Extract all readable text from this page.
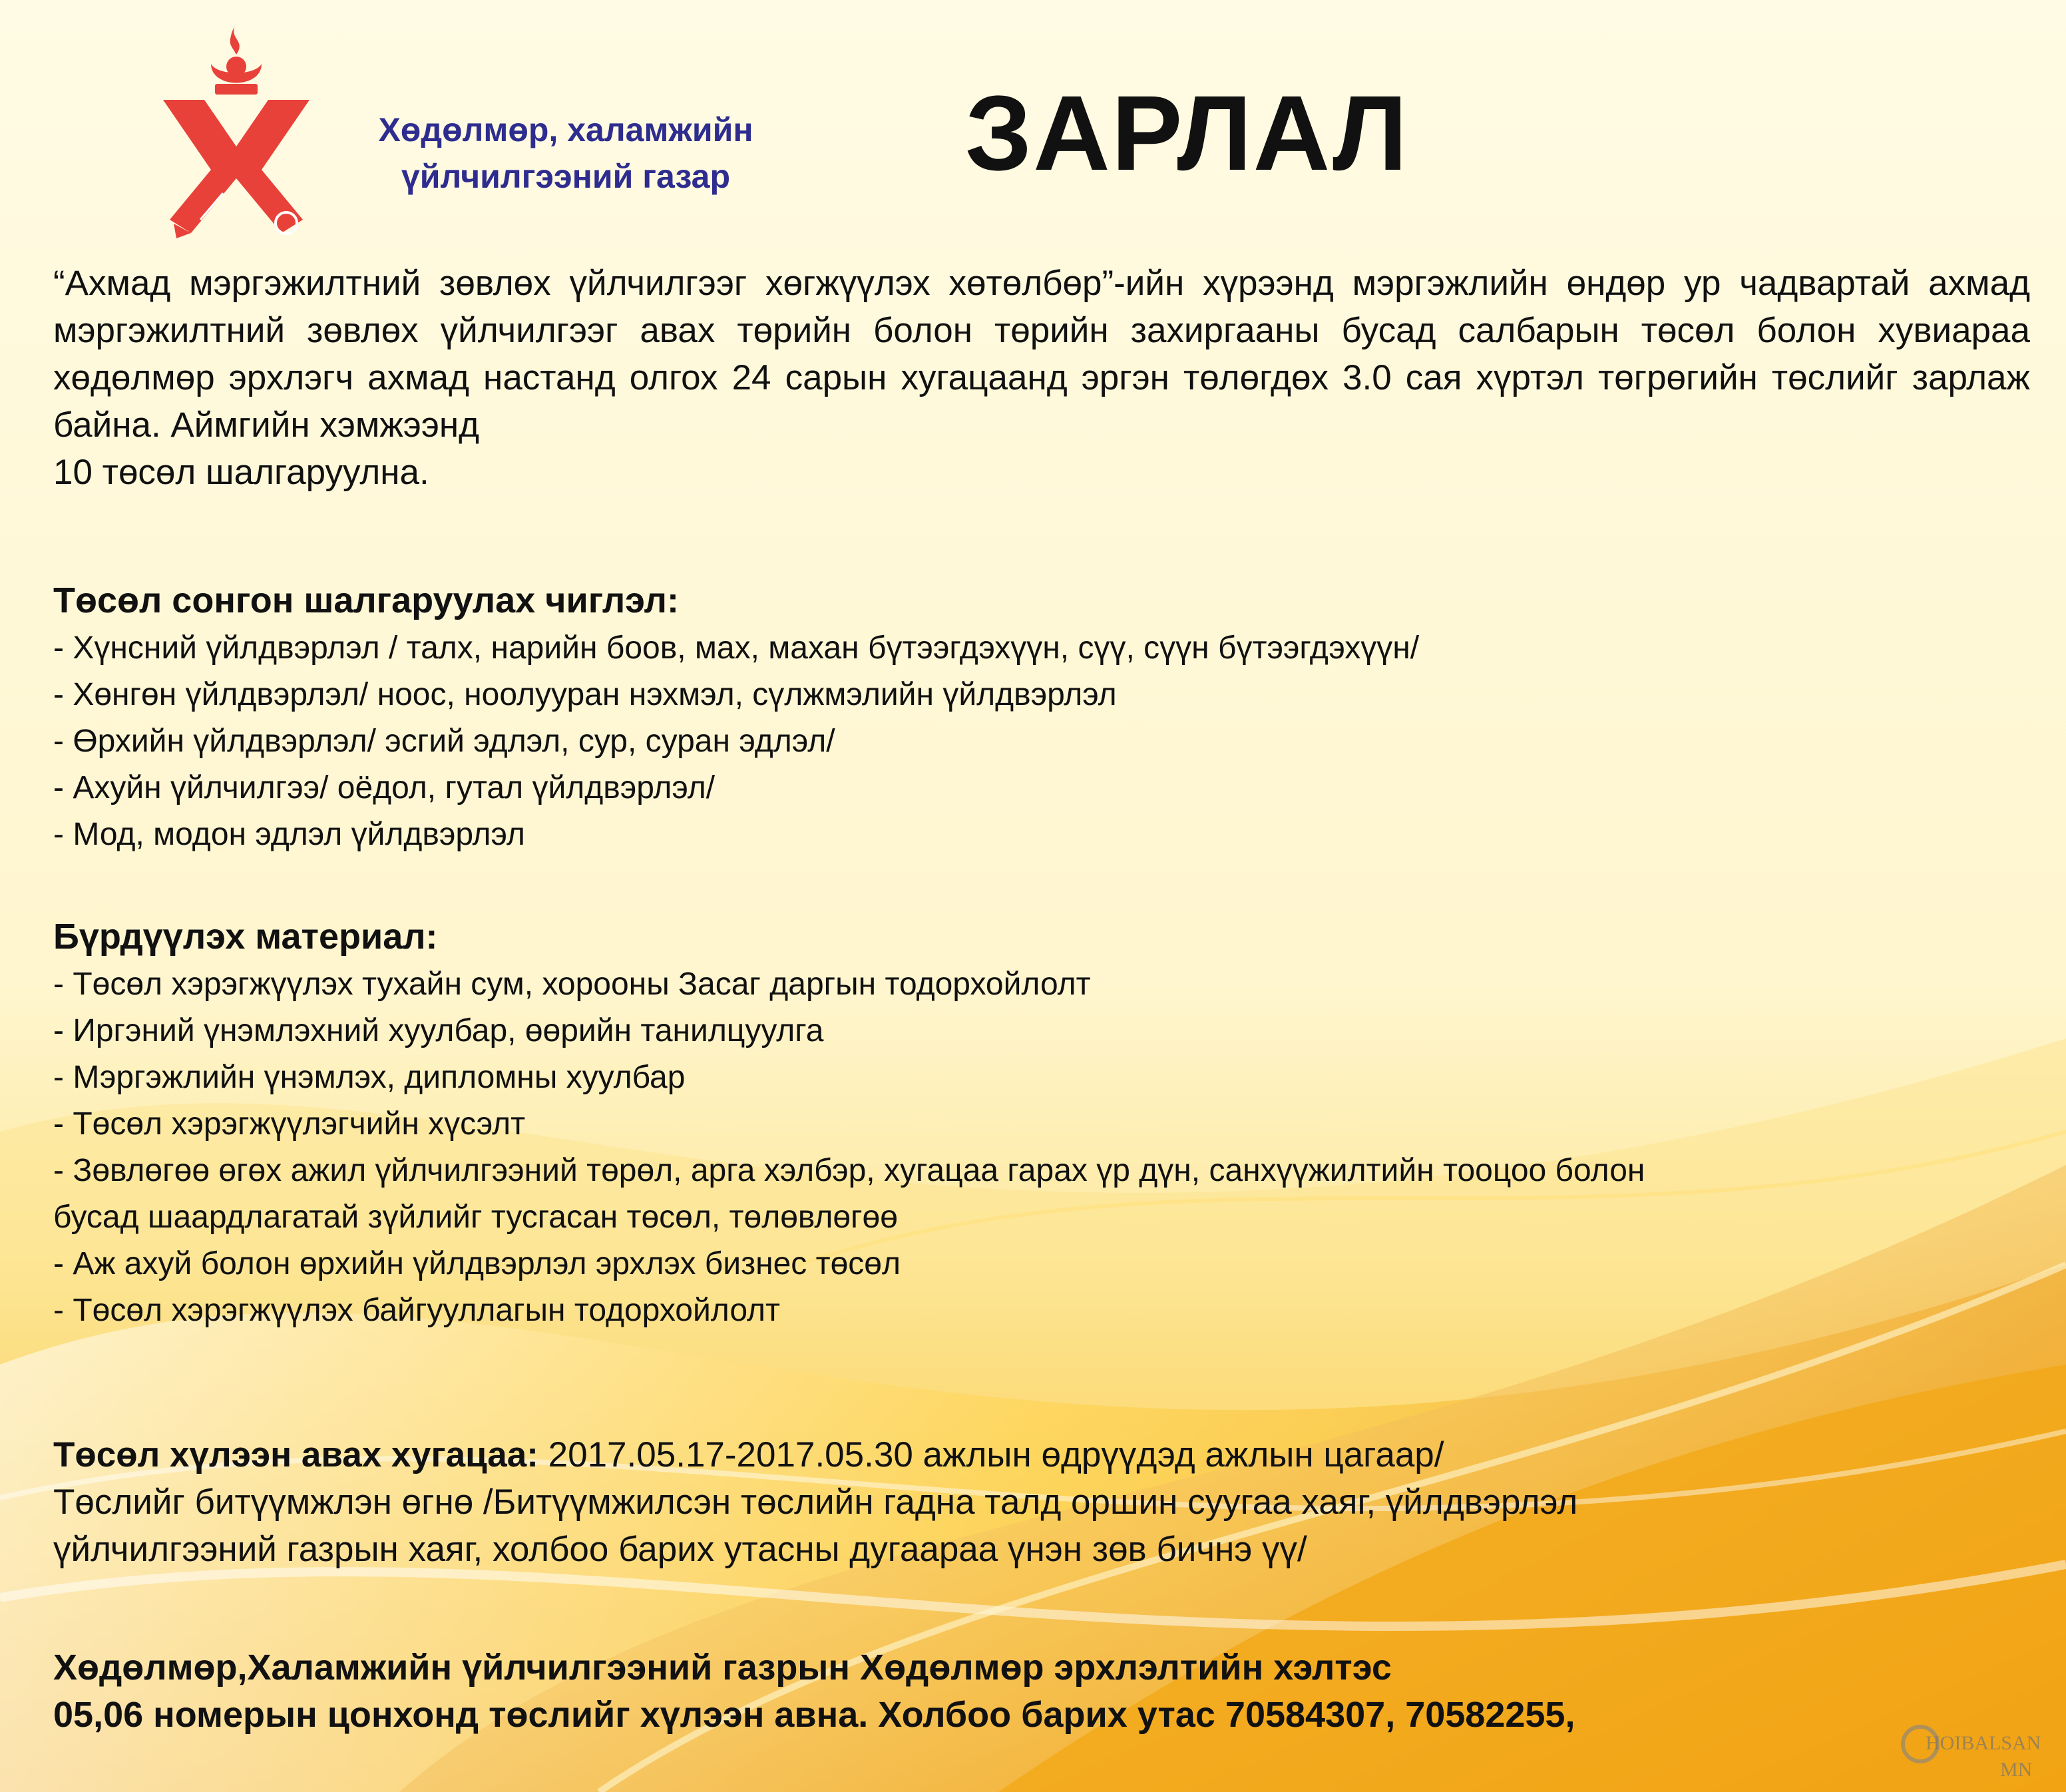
Хөдөлмөр, халамжийн
үйлчилгээний газар	ЗАРЛАЛ
“Ахмад мэргэжилтний зөвлөх үйлчилгээг хөгжүүлэх хөтөлбөр”-ийн хүрээнд мэргэжлийн өндөр ур чадвартай ахмад мэргэжилтний зөвлөх үйлчилгээг авах төрийн болон төрийн захиргааны бусад салбарын төсөл болон хувиараа хөдөлмөр эрхлэгч ахмад настанд олгох 24 сарын хугацаанд эргэн төлөгдөх 3.0 сая хүртэл төгрөгийн төслийг зарлаж байна. Аймгийн хэмжээнд
10 төсөл шалгаруулна.
Төсөл сонгон шалгаруулах чиглэл:
- Хүнсний үйлдвэрлэл / талх, нарийн боов, мах, махан бүтээгдэхүүн, сүү, сүүн бүтээгдэхүүн/
- Хөнгөн үйлдвэрлэл/ ноос, ноолууран нэхмэл, сүлжмэлийн үйлдвэрлэл
- Өрхийн үйлдвэрлэл/ эсгий эдлэл, сур, суран эдлэл/
- Ахуйн үйлчилгээ/ оёдол, гутал үйлдвэрлэл/
- Мод, модон эдлэл үйлдвэрлэл
Бүрдүүлэх материал:
- Төсөл хэрэгжүүлэх тухайн сум, хорооны Засаг даргын тодорхойлолт
- Иргэний үнэмлэхний хуулбар, өөрийн танилцуулга
- Мэргэжлийн үнэмлэх, дипломны хуулбар
- Төсөл хэрэгжүүлэгчийн хүсэлт
- Зөвлөгөө өгөх ажил үйлчилгээний төрөл, арга хэлбэр, хугацаа гарах үр дүн, санхүүжилтийн тооцоо болон
бусад шаардлагатай зүйлийг тусгасан төсөл, төлөвлөгөө
- Аж ахуй болон өрхийн үйлдвэрлэл эрхлэх бизнес төсөл
- Төсөл хэрэгжүүлэх байгууллагын тодорхойлолт
Төсөл хүлээн авах хугацаа: 2017.05.17-2017.05.30 ажлын өдрүүдэд ажлын цагаар/
Төслийг битүүмжлэн өгнө /Битүүмжилсэн төслийн гадна талд оршин суугаа хаяг, үйлдвэрлэл
үйлчилгээний газрын хаяг, холбоо барих утасны дугаараа үнэн зөв бичнэ үү/
Хөдөлмөр,Халамжийн үйлчилгээний газрын Хөдөлмөр эрхлэлтийн хэлтэс
05,06 номерын цонхонд төслийг хүлээн авна. Холбоо барих утас 70584307, 70582255,
HOIBALSAN
MN
